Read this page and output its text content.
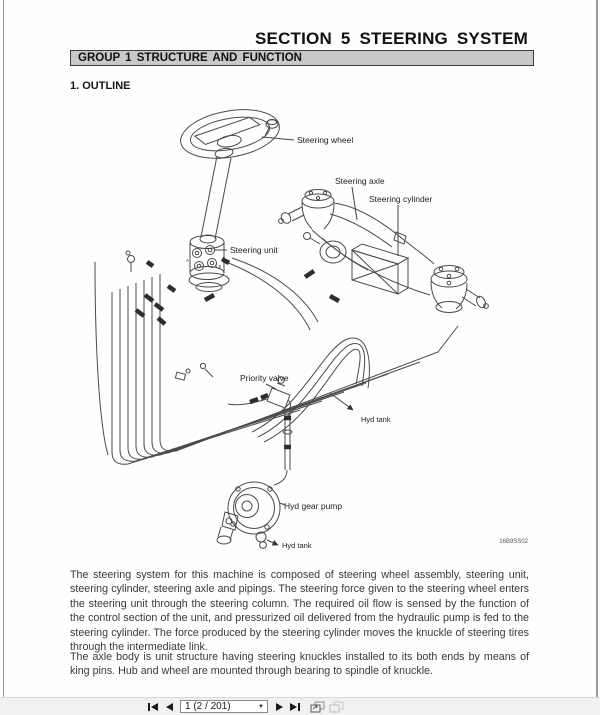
SECTION 5 STEERING SYSTEM
GROUP 1 STRUCTURE AND FUNCTION
1. OUTLINE
Steering wheel
Steering axle
Steering cylinder
Steering unit
Priority valve
Hyd tank
Hyd gear pump
Hyd tank
A
LS
16B9SS02

The steering system for this machine is composed of steering wheel assembly, steering unit, steering cylinder, steering axle and pipings. The steering force given to the steering wheel enters the steering unit through the steering column. The required oil flow is sensed by the function of the control section of the unit, and pressurized oil delivered from the hydraulic pump is fed to the steering cylinder. The force produced by the steering cylinder moves the knuckle of steering tires through the intermediate link.

The axle body is unit structure having steering knuckles installed to its both ends by means of king pins. Hub and wheel are mounted through bearing to spindle of knuckle.

1 (2 / 201)	▼
